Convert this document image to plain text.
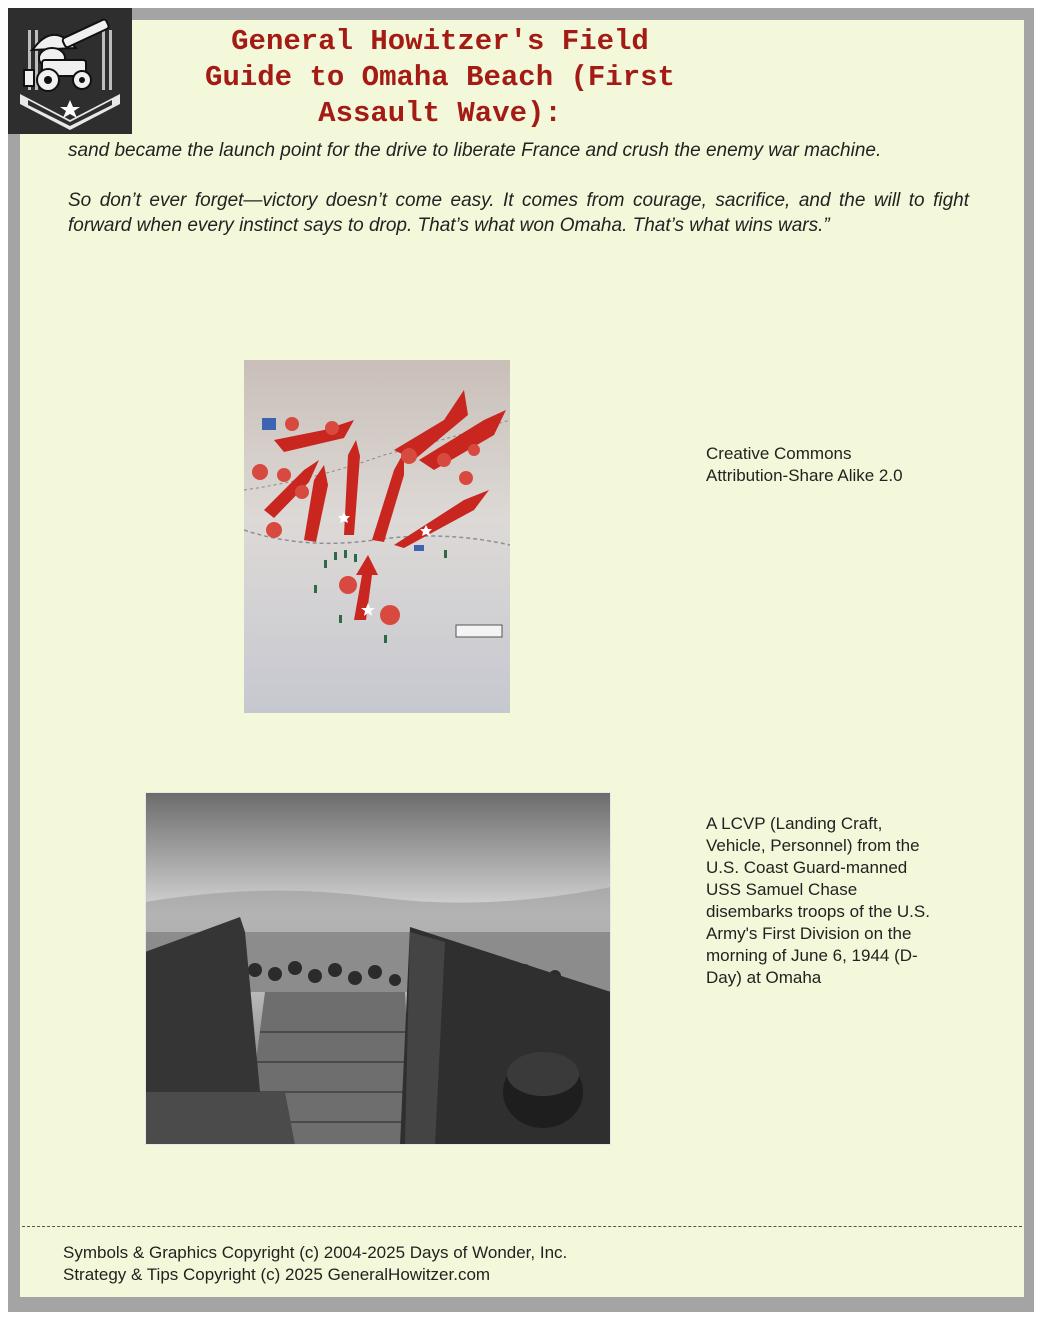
General Howitzer's Field
Guide to Omaha Beach (First
Assault Wave):

sand became the launch point for the drive to liberate France and crush the enemy war machine.

So don’t ever forget—victory doesn’t come easy. It comes from courage, sacrifice, and the will to fight forward when every instinct says to drop. That’s what won Omaha. That’s what wins wars.”

Creative Commons Attribution-Share Alike 2.0
A LCVP (Landing Craft, Vehicle, Personnel) from the U.S. Coast Guard-manned USS Samuel Chase disembarks troops of the U.S. Army's First Division on the morning of June 6, 1944 (D-Day) at Omaha
Symbols & Graphics Copyright (c) 2004-2025 Days of Wonder, Inc.
Strategy & Tips Copyright (c) 2025 GeneralHowitzer.com
